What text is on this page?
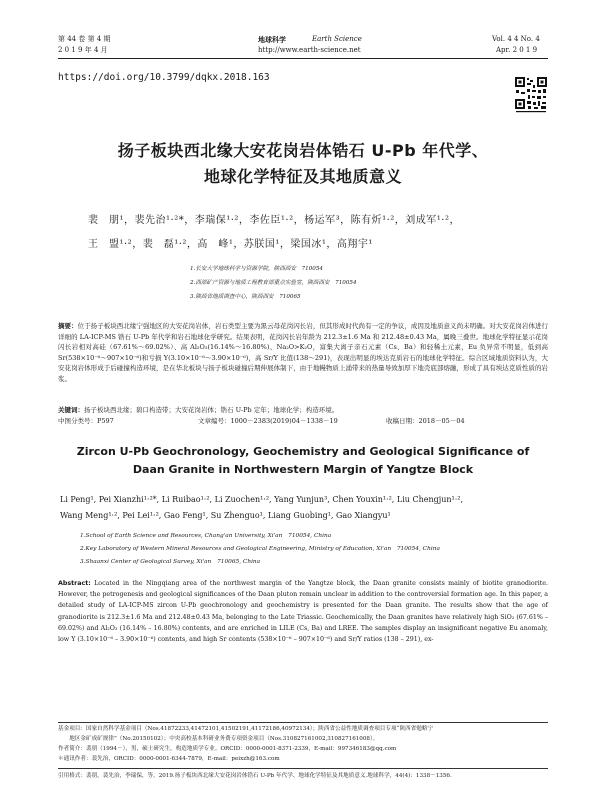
第 44 卷 第 4 期
2 0 1 9 年 4 月
地球科学	Earth Science
http://www.earth-science.net
Vol. 4 4 No. 4
Apr. 2 0 1 9
https://doi.org/10.3799/dqkx.2018.163
扬子板块西北缘大安花岗岩体锆石 U-Pb 年代学、
地球化学特征及其地质意义
裴　朋¹，裴先治¹·²*，李瑞保¹·²，李佐臣¹·²，杨运军³，陈有炘¹·²，刘成军¹·²，
王　盟¹·²，裴　磊¹·²，高　峰¹，苏朕国¹，梁国冰¹，高翔宇¹
1.长安大学地球科学与资源学院，陕西西安　710054
2.西部矿产资源与地质工程教育部重点实验室，陕西西安　710054
3.陕西省地质调查中心，陕西西安　710065
摘要：位于扬子板块西北缘宁强地区的大安花岗岩体，岩石类型主要为黑云母花岗闪长岩，但其形成时代尚有一定的争议，成因及地质意义尚未明确。对大安花岗岩体进行详细的 LA-ICP-MS 锆石 U-Pb 年代学和岩石地球化学研究。结果表明，花岗闪长岩年龄为 212.3±1.6 Ma 和 212.48±0.43 Ma，属晚三叠世。地球化学特征显示花岗闪长岩相对高硅（67.61%～69.02%）、高 Al₂O₃(16.14%～16.80%)、Na₂O>K₂O，富集大离子亲石元素（Cs、Ba）和轻稀土元素，Eu 负异常不明显，低到高 Sr(538×10⁻⁶～907×10⁻⁶)和亏损 Y(3.10×10⁻⁶～3.90×10⁻⁶)，高 Sr/Y 比值(138～291)，表现出明显的埃达克质岩石的地球化学特征。综合区域地质资料认为，大安花岗岩体形成于后碰撞构造环境，是在华北板块与扬子板块碰撞后期伸展体制下，由于地幔物质上涌带来的热量导致加厚下地壳底部熔融，形成了具有埃达克质性质的岩浆。
关键词：扬子板块西北缘；碧口构造带；大安花岗岩体；锆石 U-Pb 定年；地球化学；构造环境。
中图分类号：P597	文章编号：1000－2383(2019)04－1338－19	收稿日期：2018－05－04
Zircon U-Pb Geochronology, Geochemistry and Geological Significance of
Daan Granite in Northwestern Margin of Yangtze Block
Li Peng¹, Pei Xianzhi¹·²*, Li Ruibao¹·², Li Zuochen¹·², Yang Yunjun³, Chen Youxin¹·², Liu Chengjun¹·²,
Wang Meng¹·², Pei Lei¹·², Gao Feng¹, Su Zhenguo¹, Liang Guobing¹, Gao Xiangyu¹
1.School of Earth Science and Resources, Chang'an University, Xi'an　710054, China
2.Key Laboratory of Western Mineral Resources and Geological Engineering, Ministry of Education, Xi'an　710054, China
3.Shaanxi Center of Geological Survey, Xi'an　710065, China
Abstract: Located in the Ningqiang area of the northwest margin of the Yangtze block, the Daan granite consists mainly of biotite granodiorite. However, the petrogenesis and geological significances of the Daan pluton remain unclear in addition to the controversial formation age. In this paper, a detailed study of LA-ICP-MS zircon U-Pb geochronology and geochemistry is presented for the Daan granite. The results show that the age of granodiorite is 212.3±1.6 Ma and 212.48±0.43 Ma, belonging to the Late Triassic. Geochemically, the Daan granites have relatively high SiO₂ (67.61% – 69.02%) and Al₂O₃ (16.14% – 16.80%) contents, and are enriched in LILE (Cs, Ba) and LREE. The samples display an insignificant negative Eu anomaly, low Y (3.10×10⁻⁶ – 3.90×10⁻⁶) contents, and high Sr contents (538×10⁻⁶ – 907×10⁻⁶) and Sr/Y ratios (138 – 291), ex-
基金项目：国家自然科学基金项目（Nos.41872233,41472101,41502191,41172186,40972134）；陕西省公益性地质调查项目专项“陕西省勉略宁
　　地区金矿成矿规律”（No.20150102）；中央高校基本科研业务费专项资金项目（Nos.310827161002,310827161008）。
作者简介：裴朋（1994－），男，硕士研究生，构造地质学专业。ORCID：0000-0001-8371-2339，E-mail：997346183@qq.com
＊通讯作者：裴先治，ORCID：0000-0001-6344-7879，E-mail：peixzh@163.com
引用格式：裴朋，裴先治，李瑞保，等，2019.扬子板块西北缘大安花岗岩体锆石 U-Pb 年代学、地球化学特征及其地质意义.地球科学，44(4)：1338－1356.
